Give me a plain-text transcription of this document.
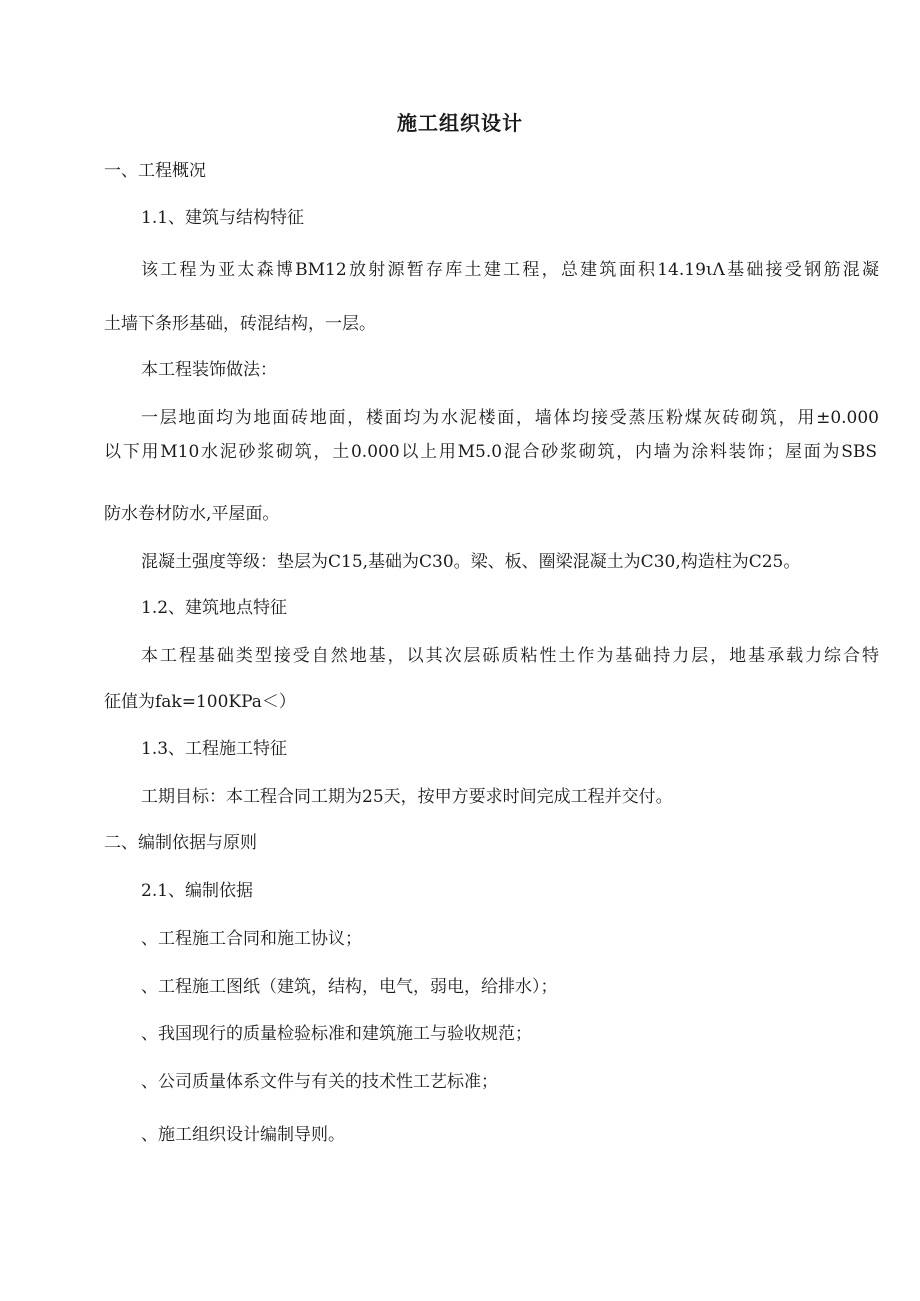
施工组织设计
一、工程概况
1.1、建筑与结构特征
该工程为亚太森博BM12放射源暂存库土建工程，总建筑面积14.19ιΛ基础接受钢筋混凝
土墙下条形基础，砖混结构，一层。
本工程装饰做法：
一层地面均为地面砖地面，楼面均为水泥楼面，墙体均接受蒸压粉煤灰砖砌筑，用±0.000
以下用M10水泥砂浆砌筑，土0.000以上用M5.0混合砂浆砌筑，内墙为涂料装饰；屋面为SBS
防水卷材防水,平屋面。
混凝土强度等级：垫层为C15,基础为C30。梁、板、圈梁混凝土为C30,构造柱为C25。
1.2、建筑地点特征
本工程基础类型接受自然地基，以其次层砾质粘性土作为基础持力层，地基承载力综合特
征值为fak=100KPa＜）
1.3、工程施工特征
工期目标：本工程合同工期为25天，按甲方要求时间完成工程并交付。
二、编制依据与原则
2.1、编制依据
、工程施工合同和施工协议；
、工程施工图纸（建筑，结构，电气，弱电，给排水）；
、我国现行的质量检验标准和建筑施工与验收规范；
、公司质量体系文件与有关的技术性工艺标准；
、施工组织设计编制导则。
